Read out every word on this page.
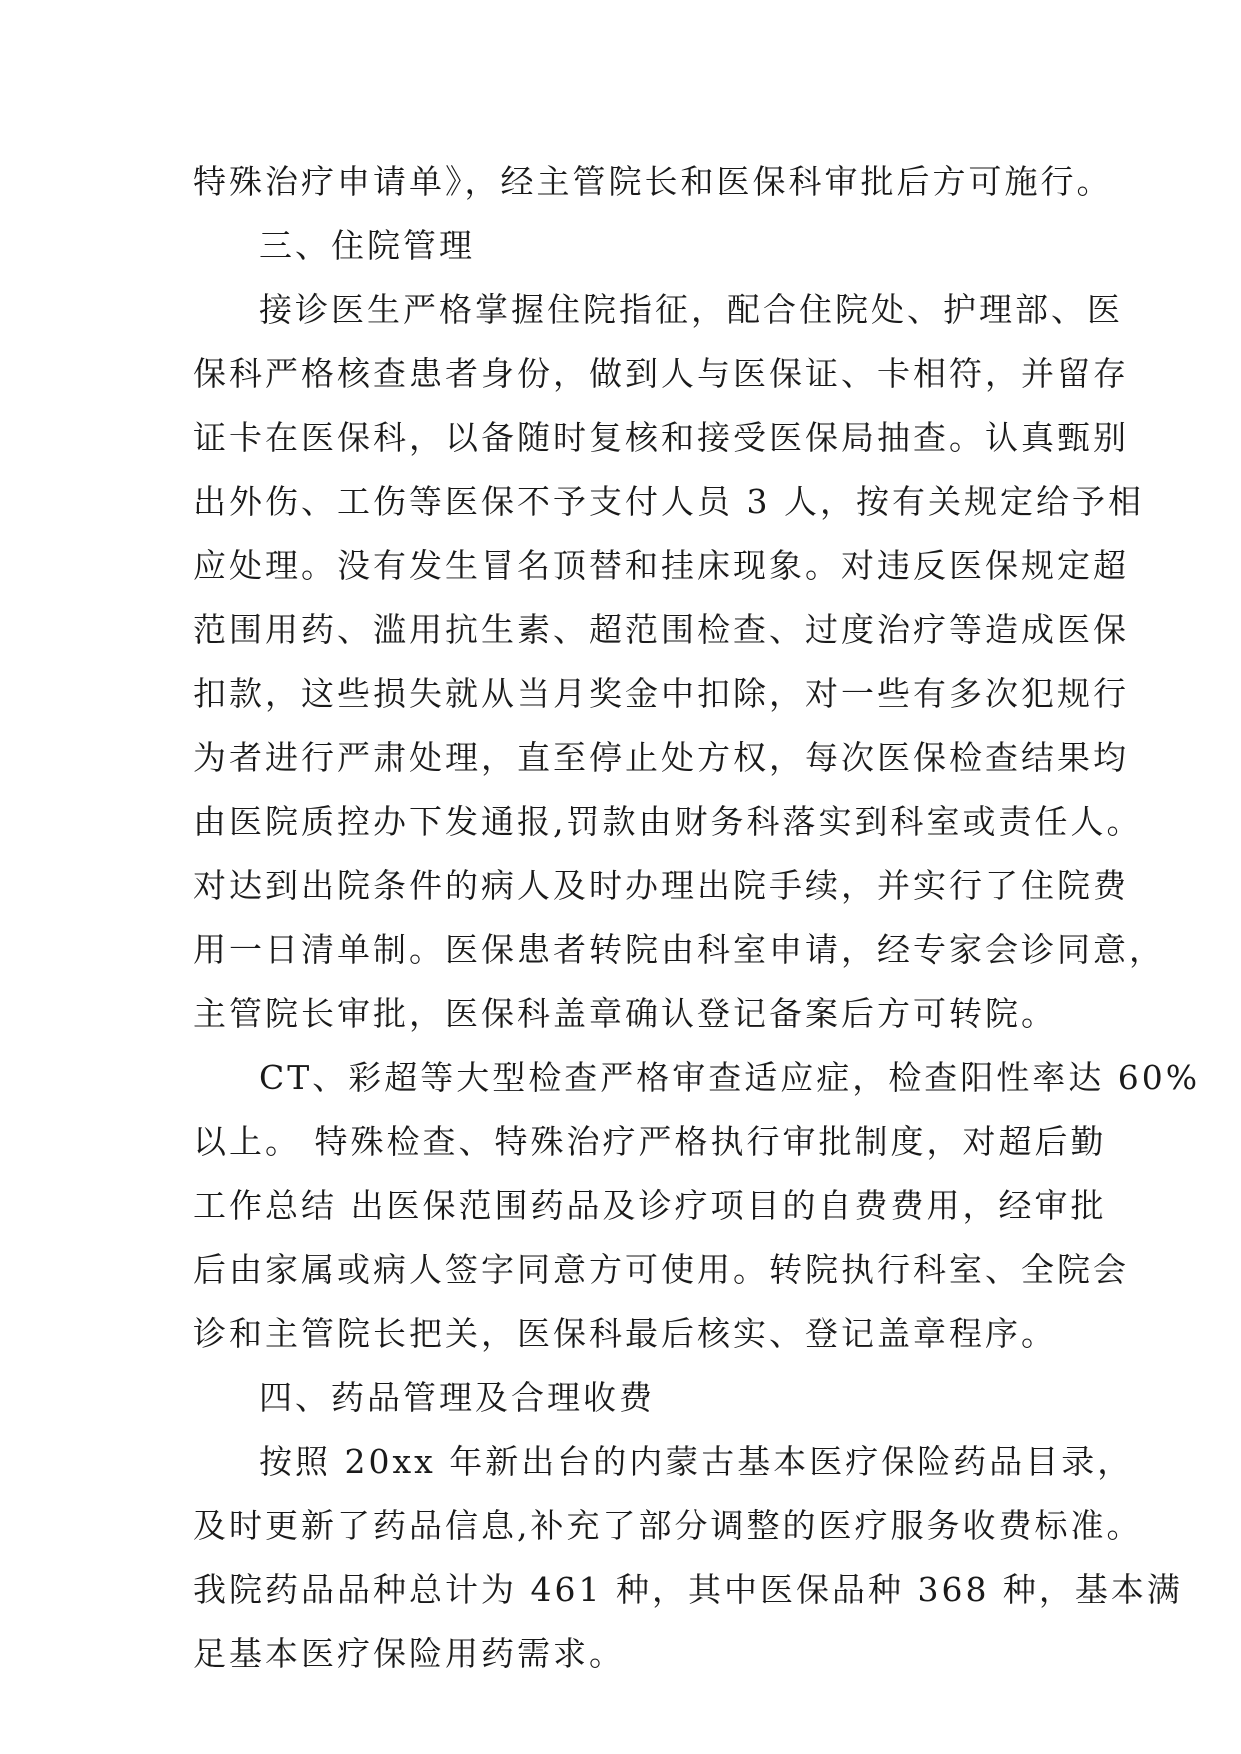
特殊治疗申请单》，经主管院长和医保科审批后方可施行。
三、住院管理
接诊医生严格掌握住院指征，配合住院处、护理部、医
保科严格核查患者身份，做到人与医保证、卡相符，并留存
证卡在医保科，以备随时复核和接受医保局抽查。认真甄别
出外伤、工伤等医保不予支付人员 3 人，按有关规定给予相
应处理。没有发生冒名顶替和挂床现象。对违反医保规定超
范围用药、滥用抗生素、超范围检查、过度治疗等造成医保
扣款，这些损失就从当月奖金中扣除，对一些有多次犯规行
为者进行严肃处理，直至停止处方权，每次医保检查结果均
由医院质控办下发通报,罚款由财务科落实到科室或责任人。
对达到出院条件的病人及时办理出院手续，并实行了住院费
用一日清单制。医保患者转院由科室申请，经专家会诊同意，
主管院长审批，医保科盖章确认登记备案后方可转院。
CT、彩超等大型检查严格审查适应症，检查阳性率达 60%
以上。 特殊检查、特殊治疗严格执行审批制度，对超后勤
工作总结 出医保范围药品及诊疗项目的自费费用，经审批
后由家属或病人签字同意方可使用。转院执行科室、全院会
诊和主管院长把关，医保科最后核实、登记盖章程序。
四、药品管理及合理收费
按照 20xx 年新出台的内蒙古基本医疗保险药品目录，
及时更新了药品信息,补充了部分调整的医疗服务收费标准。
我院药品品种总计为 461 种，其中医保品种 368 种，基本满
足基本医疗保险用药需求。
